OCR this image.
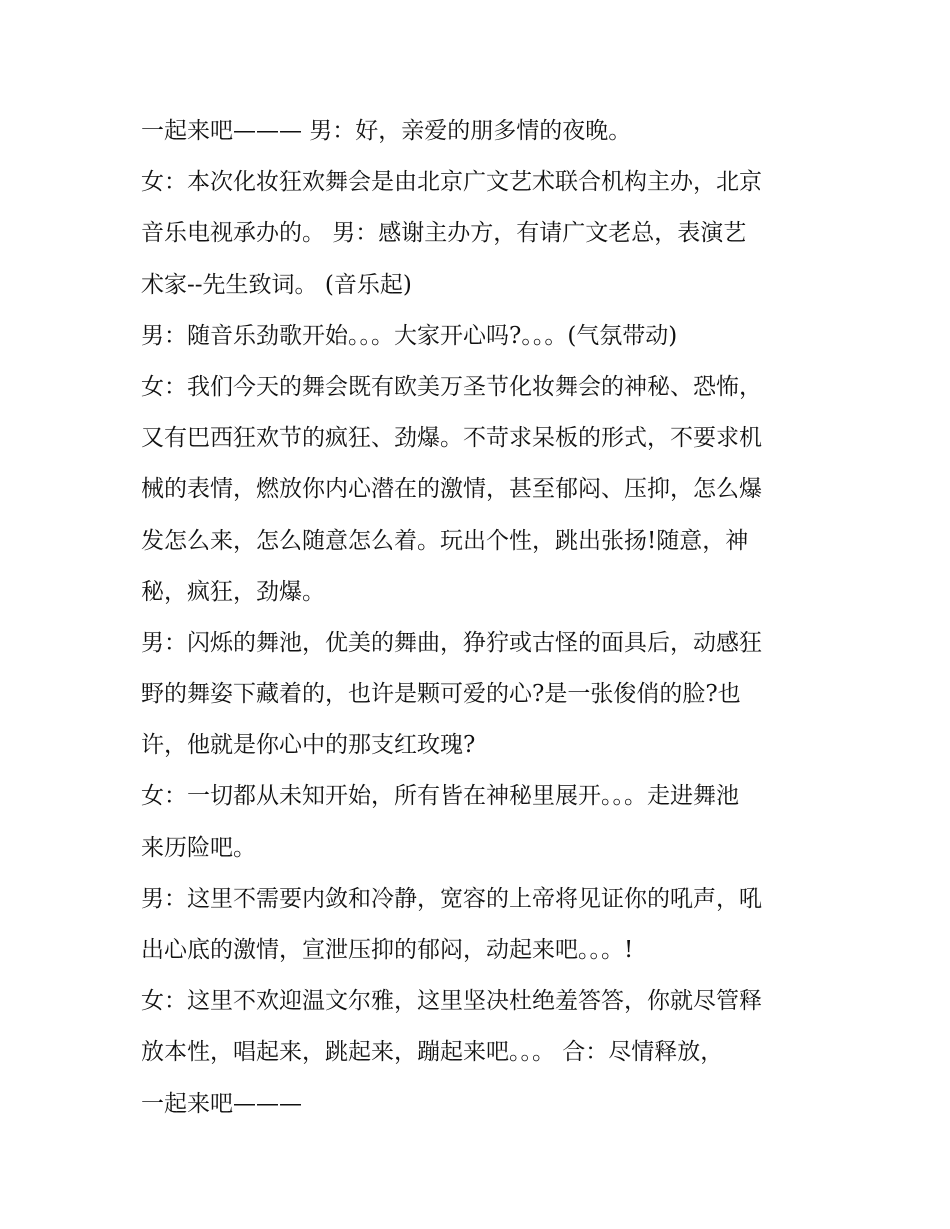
一起来吧——— 男：好，亲爱的朋多情的夜晚。
女：本次化妆狂欢舞会是由北京广文艺术联合机构主办，北京
音乐电视承办的。 男：感谢主办方，有请广文老总，表演艺
术家--先生致词。 (音乐起)
男：随音乐劲歌开始。。。大家开心吗?。。。(气氛带动)
女：我们今天的舞会既有欧美万圣节化妆舞会的神秘、恐怖，
又有巴西狂欢节的疯狂、劲爆。不苛求呆板的形式，不要求机
械的表情，燃放你内心潜在的激情，甚至郁闷、压抑，怎么爆
发怎么来，怎么随意怎么着。玩出个性，跳出张扬!随意，神
秘，疯狂，劲爆。
男：闪烁的舞池，优美的舞曲，狰狞或古怪的面具后，动感狂
野的舞姿下藏着的，也许是颗可爱的心?是一张俊俏的脸?也
许，他就是你心中的那支红玫瑰?
女：一切都从未知开始，所有皆在神秘里展开。。。走进舞池
来历险吧。
男：这里不需要内敛和冷静，宽容的上帝将见证你的吼声，吼
出心底的激情，宣泄压抑的郁闷，动起来吧。。。!
女：这里不欢迎温文尔雅，这里坚决杜绝羞答答，你就尽管释
放本性，唱起来，跳起来，蹦起来吧。。。 合：尽情释放，
一起来吧———
